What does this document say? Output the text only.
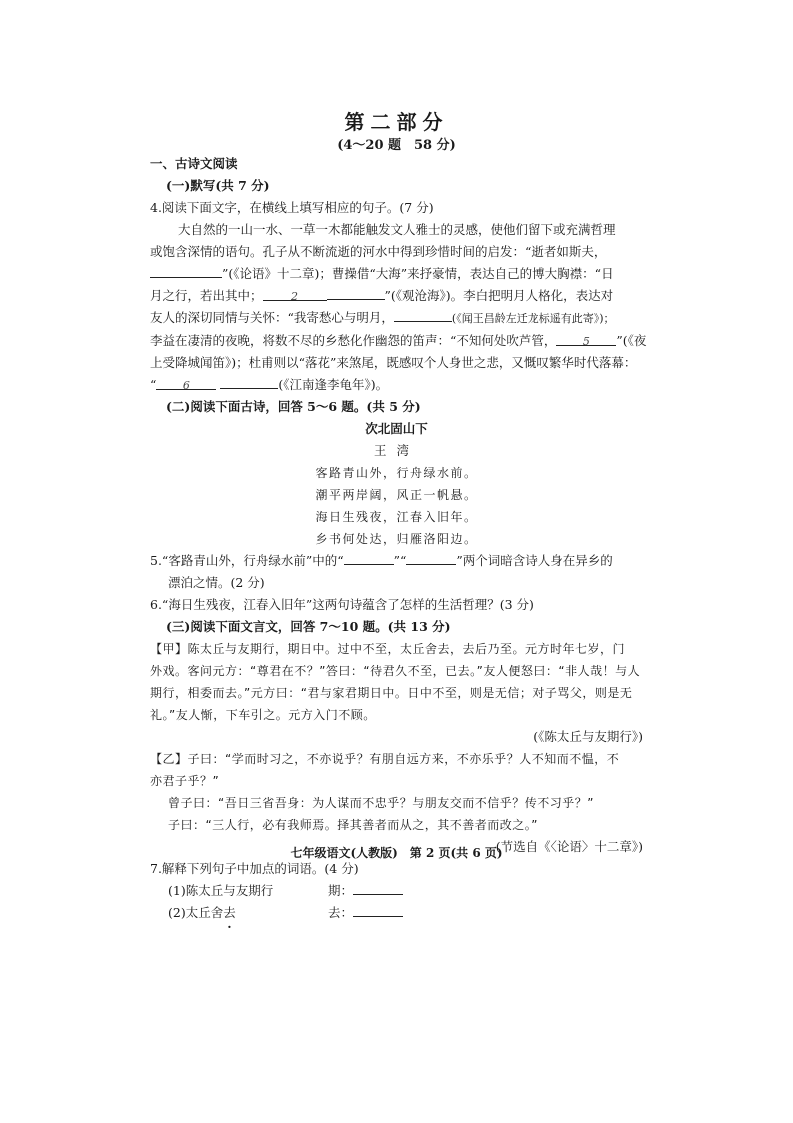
第二部分
(4～20 题　58 分)
一、古诗文阅读
(一)默写(共 7 分)
4.阅读下面文字，在横线上填写相应的句子。(7 分)
大自然的一山一水、一草一木都能触发文人雅士的灵感，使他们留下或充满哲理
或饱含深情的语句。孔子从不断流逝的河水中得到珍惜时间的启发：“逝者如斯夫，
”(《论语》十二章)；曹操借“大海”来抒豪情，表达自己的博大胸襟：“日
月之行，若出其中；	2	”(《观沧海》)。李白把明月人格化，表达对
友人的深切同情与关怀：“我寄愁心与明月，	(《闻王昌龄左迁龙标遥有此寄》)；
李益在凄清的夜晚，将数不尽的乡愁化作幽怨的笛声：“不知何处吹芦管， 5 ”(《夜
上受降城闻笛》)；杜甫则以“落花”来煞尾，既感叹个人身世之悲，又慨叹繁华时代落幕：
“ 6	(《江南逢李龟年》)。
(二)阅读下面古诗，回答 5～6 题。(共 5 分)
次北固山下
王湾
客路青山外，行舟绿水前。
潮平两岸阔，风正一帆悬。
海日生残夜，江春入旧年。
乡书何处达，归雁洛阳边。
5.“客路青山外，行舟绿水前”中的“	”“	”两个词暗含诗人身在异乡的
漂泊之情。(2 分)
6.“海日生残夜，江春入旧年”这两句诗蕴含了怎样的生活哲理？(3 分)
(三)阅读下面文言文，回答 7～10 题。(共 13 分)
【甲】陈太丘与友期行，期日中。过中不至，太丘舍去，去后乃至。元方时年七岁，门
外戏。客问元方：“尊君在不？”答曰：“待君久不至，已去。”友人便怒曰：“非人哉！与人
期行，相委而去。”元方曰：“君与家君期日中。日中不至，则是无信；对子骂父，则是无
礼。”友人惭，下车引之。元方入门不顾。
(《陈太丘与友期行》)
【乙】子曰：“学而时习之，不亦说乎？有朋自远方来，不亦乐乎？人不知而不愠，不
亦君子乎？”
曾子曰：“吾日三省吾身：为人谋而不忠乎？与朋友交而不信乎？传不习乎？”
子曰：“三人行，必有我师焉。择其善者而从之，其不善者而改之。”
(节选自《〈论语〉十二章》)
7.解释下列句子中加点的词语。(4 分)
(1)陈太丘与友期行	期：
(2)太丘舍去	去：
七年级语文(人教版)　第 2 页(共 6 页)
